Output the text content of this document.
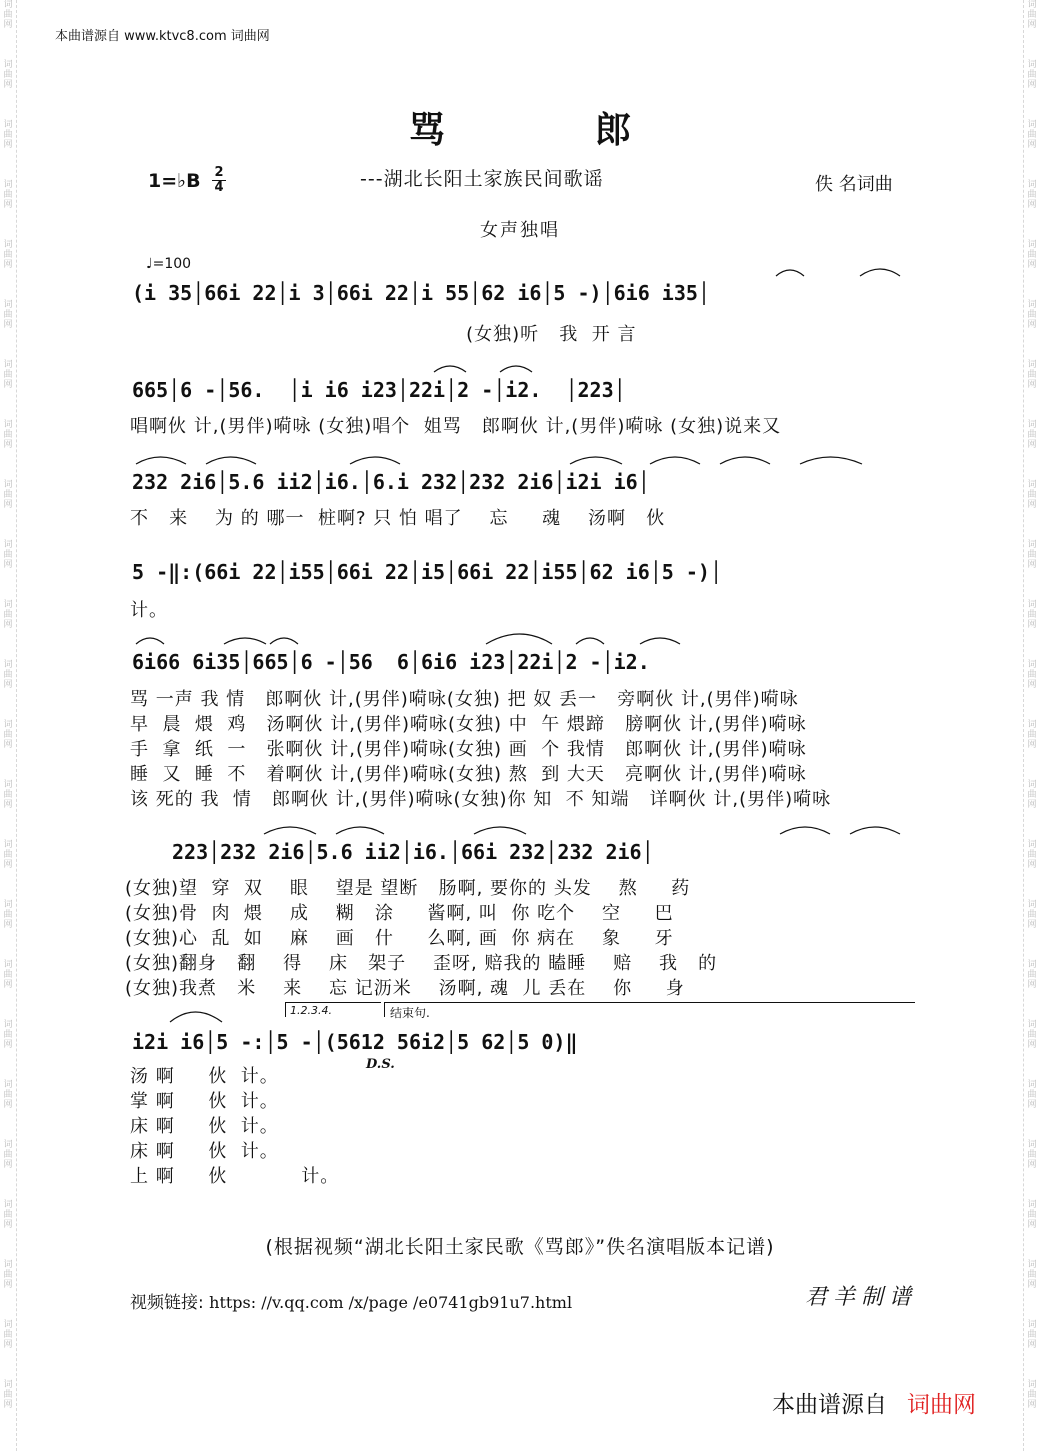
词
曲
网
词
曲
网
词
曲
网
词
曲
网
词
曲
网
词
曲
网
词
曲
网
词
曲
网
词
曲
网
词
曲
网
词
曲
网
词
曲
网
词
曲
网
词
曲
网
词
曲
网
词
曲
网
词
曲
网
词
曲
网
词
曲
网
词
曲
网
词
曲
网
词
曲
网
词
曲
网
词
曲
网
词
曲
网
词
曲
网
词
曲
网
词
曲
网
词
曲
网
词
曲
网
词
曲
网
词
曲
网
词
曲
网
词
曲
网
词
曲
网
词
曲
网
词
曲
网
词
曲
网
词
曲
网
词
曲
网
词
曲
网
词
曲
网
词
曲
网
词
曲
网
词
曲
网
词
曲
网
词
曲
网
词
曲
网
本曲谱源自 www.ktvc8.com 词曲网
骂郎
1=♭B 2
4	---湖北长阳土家族民间歌谣	佚 名词曲
女声独唱
♩=100
(i 35│66i 22│i 3│66i 22│i 55│62 i6│5 -)│6i6 i35│
(女独)听   我  开 言
665│6 -│56.  │i i6 i23│22i│2 -│i2.  │223│
唱啊伙 计,(男伴)嗬咏 (女独)唱个  姐骂   郎啊伙 计,(男伴)嗬咏 (女独)说来又
232 2i6│5.6 ii2│i6.│6.i 232│232 2i6│i2i i6│
不   来    为 的 哪一  桩啊? 只 怕 唱了    忘     魂    汤啊   伙
5 -‖:(66i 22│i55│66i 22│i5│66i 22│i55│62 i6│5 -)│
计。
6i66 6i35│665│6 -│56  6│6i6 i23│22i│2 -│i2.
骂 一声 我 情   郎啊伙 计,(男伴)嗬咏(女独) 把 奴 丢一   旁啊伙 计,(男伴)嗬咏
早  晨  煨  鸡   汤啊伙 计,(男伴)嗬咏(女独) 中  午 煨蹄   膀啊伙 计,(男伴)嗬咏
手  拿  纸  一   张啊伙 计,(男伴)嗬咏(女独) 画  个 我情   郎啊伙 计,(男伴)嗬咏
睡  又  睡  不   着啊伙 计,(男伴)嗬咏(女独) 熬  到 大天   亮啊伙 计,(男伴)嗬咏
该 死的 我  情   郎啊伙 计,(男伴)嗬咏(女独)你 知  不 知端   详啊伙 计,(男伴)嗬咏
223│232 2i6│5.6 ii2│i6.│66i 232│232 2i6│
(女独)望  穿  双    眼    望是 望断   肠啊, 要你的 头发    熬     药
(女独)骨  肉  煨    成    糊   涂     酱啊, 叫  你 吃个    空     巴
(女独)心  乱  如    麻    画   什     么啊, 画  你 病在    象     牙
(女独)翻身   翻    得    床   架子    歪呀, 赔我的 瞌睡    赔    我   的
(女独)我煮   米    来    忘 记沥米    汤啊, 魂  儿 丢在    你     身
1.2.3.4.	结束句.
i2i i6│5 -:│5 -│(5612 56i2│5 62│5 0)‖
D.S.
汤 啊     伙  计。
掌 啊     伙  计。
床 啊     伙  计。
床 啊     伙  计。
上 啊     伙           计。
(根据视频“湖北长阳土家民歌《骂郎》”佚名演唱版本记谱)
视频链接: https: //v.qq.com /x/page /e0741gb91u7.html	君羊制谱
本曲谱源自 词曲网
